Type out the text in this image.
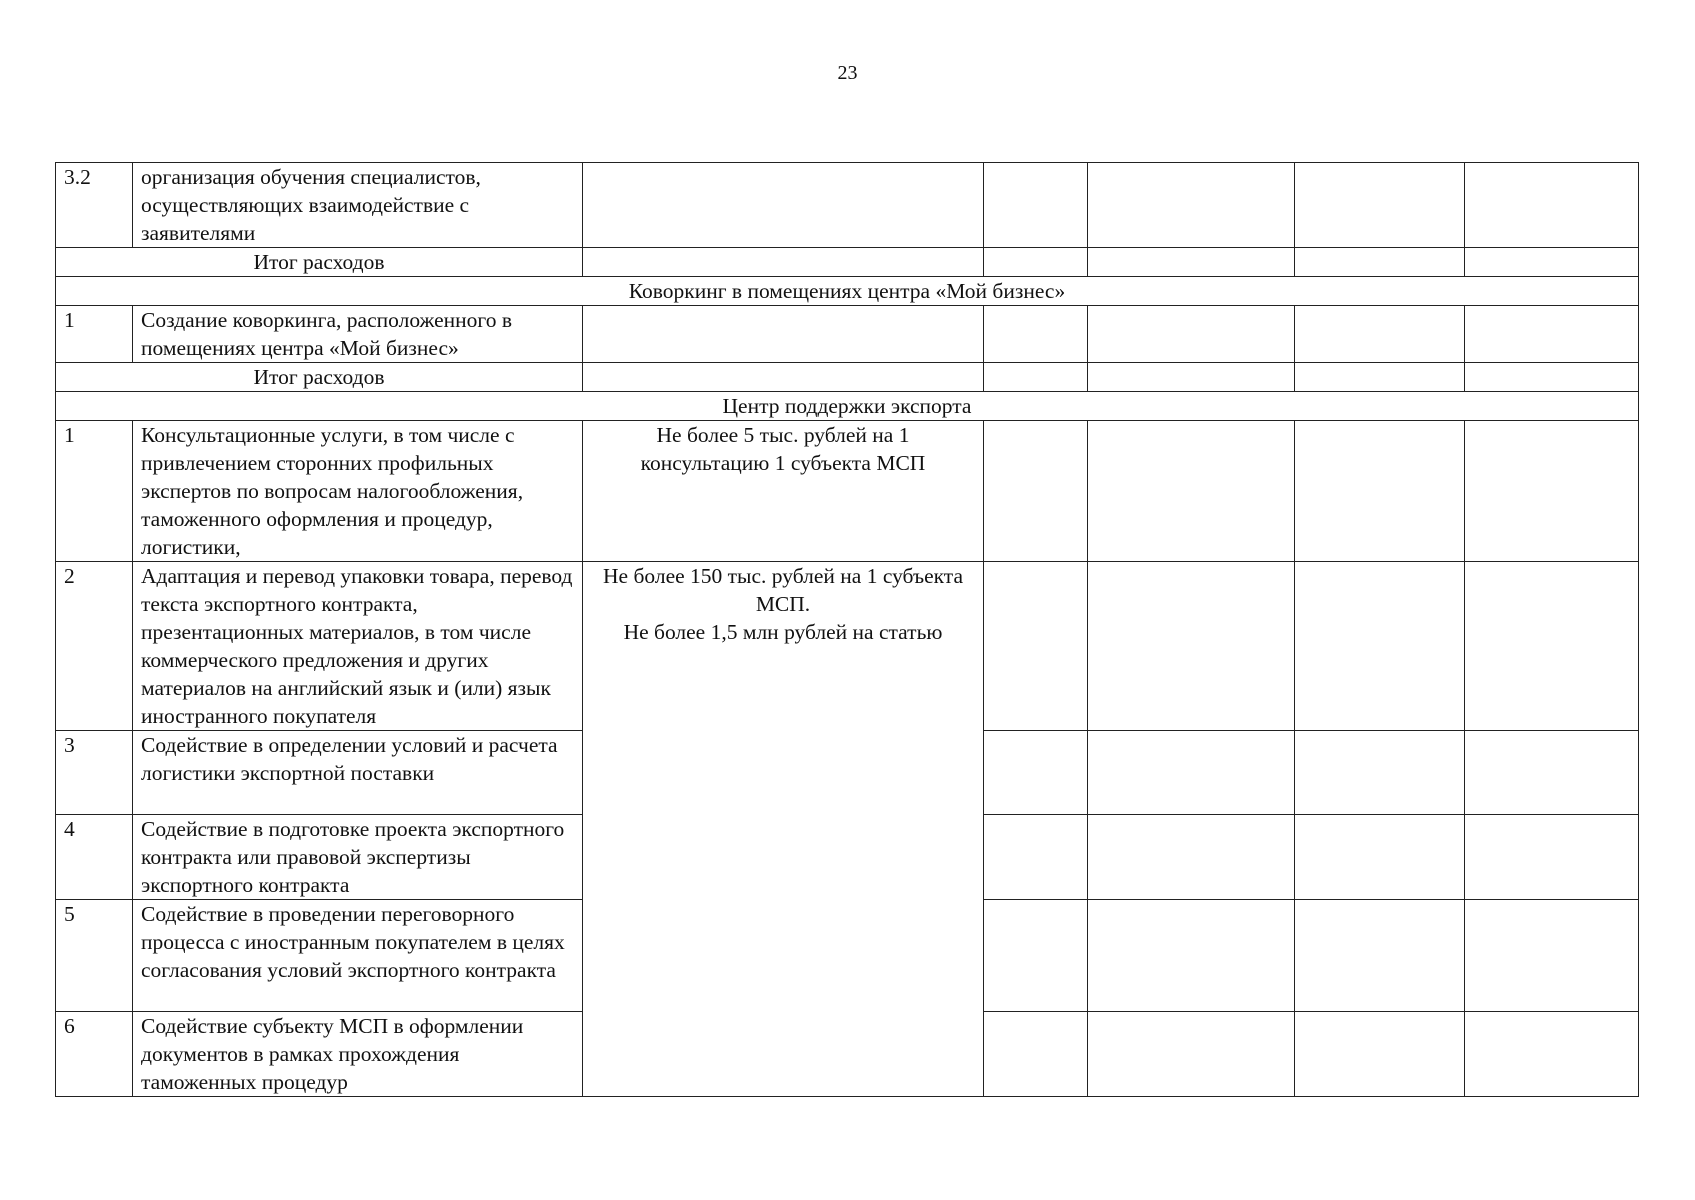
23
3.2	организация обучения специалистов, осуществляющих взаимодействие с заявителями					
Итог расходов						
Коворкинг в помещениях центра «Мой бизнес»						
1	Создание коворкинга, расположенного в помещениях центра «Мой бизнес»					
Итог расходов						
Центр поддержки экспорта						
1	Консультационные услуги, в том числе с привлечением сторонних профильных экспертов по вопросам налогообложения, таможенного оформления и процедур, логистики,	Не более 5 тыс. рублей на 1 консультацию 1 субъекта МСП				
2	Адаптация и перевод упаковки товара, перевод текста экспортного контракта, презентационных материалов, в том числе коммерческого предложения и других материалов на английский язык и (или) язык иностранного покупателя	Не более 150 тыс. рублей на 1 субъекта МСП.
Не более 1,5 млн рублей на статью				

3	Содействие в определении условий и расчета логистики экспортной поставки					
4	Содействие в подготовке проекта экспортного контракта или правовой экспертизы экспортного контракта					
5	Содействие в проведении переговорного процесса с иностранным покупателем в целях согласования условий экспортного контракта					
6	Содействие субъекту МСП в оформлении документов в рамках прохождения таможенных процедур					
